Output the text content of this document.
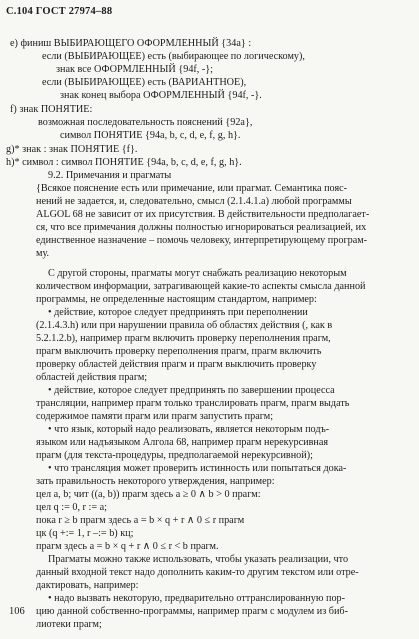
С.104 ГОСТ 27974–88
е) финиш ВЫБИРАЮЩЕГО ОФОРМЛЕННЫЙ {34a} :
если (ВЫБИРАЮЩЕЕ) есть (выбирающее по логическому),
знак все ОФОРМЛЕННЫЙ {94f, -};
если (ВЫБИРАЮЩЕЕ) есть (ВАРИАНТНОЕ),
знак конец выбора ОФОРМЛЕННЫЙ {94f, -}.
f) знак ПОНЯТИЕ:
возможная последовательность пояснений {92a},
символ ПОНЯТИЕ {94a, b, c, d, e, f, g, h}.
g)* знак : знак ПОНЯТИЕ {f}.
h)* символ : символ ПОНЯТИЕ {94a, b, c, d, e, f, g, h}.
9.2. Примечания и прагматы
{Всякое пояснение есть или примечание, или прагмат. Семантика пояс-
нений не задается, и, следовательно, смысл (2.1.4.1.а) любой программы
ALGOL 68 не зависит от их присутствия. В действительности предполагает-
ся, что все примечания должны полностью игнорироваться реализацией, их
единственное назначение – помочь человеку, интерпретирующему програм-
му.
С другой стороны, прагматы могут снабжать реализацию некоторым
количеством информации, затрагивающей какие-то аспекты смысла данной
программы, не определенные настоящим стандартом, например:
• действие, которое следует предпринять при переполнении
(2.1.4.3.h) или при нарушении правила об областях действия (, как в
5.2.1.2.b), например прагм включить проверку переполнения прагм,
прагм выключить проверку переполнения прагм, прагм включить
проверку областей действия прагм и прагм выключить проверку
областей действия прагм;
• действие, которое следует предпринять по завершении процесса
трансляции, например прагм только транслировать прагм, прагм выдать
содержимое памяти прагм или прагм запустить прагм;
• что язык, который надо реализовать, является некоторым подъ-
языком или надъязыком Алгола 68, например прагм нерекурсивная
прагм (для текста-процедуры, предполагаемой нерекурсивной);
• что трансляция может проверить истинность или попытаться дока-
зать правильность некоторого утверждения, например:
цел а, b; чит ((a, b)) прагм здесь а ≥ 0 ∧ b > 0 прагм:
цел q := 0, r := a;
пока r ≥ b прагм здесь a = b × q + r ∧ 0 ≤ r прагм
цк (q +:= 1, r –:= b) кц;
прагм здесь a = b × q + r ∧ 0 ≤ r < b прагм.
Прагматы можно также использовать, чтобы указать реализации, что
данный входной текст надо дополнить каким-то другим текстом или отре-
дактировать, например:
• надо вызвать некоторую, предварительно оттранслированную пор-
цию данной собственно-программы, например прагм с модулем из биб-
лиотеки прагм;
106
